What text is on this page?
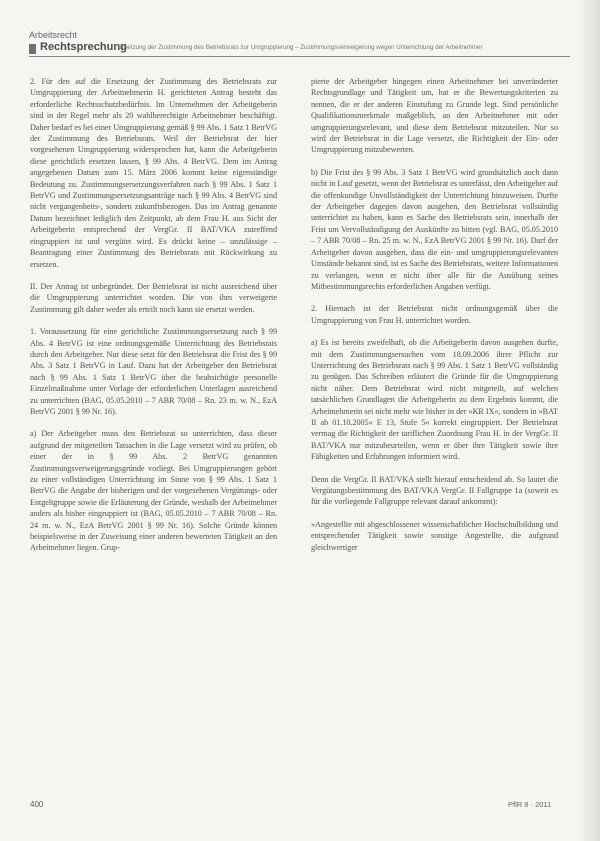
Arbeitsrecht
Rechtsprechung
Ersetzung der Zustimmung des Betriebsrats zur Umgruppierung – Zustimmungsverweigerung wegen Unterrichtung der Arbeitnehmer

2. Für den auf die Ersetzung der Zustimmung des Betriebsrats zur Umgruppierung der Arbeitnehmerin H. gerichteten Antrag besteht das erforderliche Rechtsschutzbedürfnis. Im Unternehmen der Arbeitgeberin sind in der Regel mehr als 20 wahlberechtigte Arbeitnehmer beschäftigt. Daher bedarf es bei einer Umgruppierung gemäß § 99 Abs. 1 Satz 1 BetrVG der Zustimmung des Betriebsrats. Weil der Betriebsrat der hier vorgesehenen Umgruppierung widersprochen hat, kann die Arbeitgeberin diese gerichtlich ersetzen lassen, § 99 Abs. 4 BetrVG. Dem im Antrag angegebenen Datum zum 15. März 2006 kommt keine eigenständige Bedeutung zu. Zustimmungsersetzungsverfahren nach § 99 Abs. 1 Satz 1 BetrVG und Zustimmungsersetzungsanträge nach § 99 Abs. 4 BetrVG sind nicht vergangenheits-, sondern zukunftsbezogen. Das im Antrag genannte Datum bezeichnet lediglich den Zeitpunkt, ab dem Frau H. aus Sicht der Arbeitgeberin entsprechend der VergGr. II BAT/VKA zutreffend eingruppiert ist und vergütet wird. Es drückt keine – unzulässige – Beantragung einer Zustimmung des Betriebsrats mit Rückwirkung zu ersetzen.

II. Der Antrag ist unbegründet. Der Betriebsrat ist nicht ausreichend über die Umgruppierung unterrichtet worden. Die von ihm verweigerte Zustimmung gilt daher weder als erteilt noch kann sie ersetzt werden.

1. Voraussetzung für eine gerichtliche Zustimmungsersetzung nach § 99 Abs. 4 BetrVG ist eine ordnungsgemäße Unterrichtung des Betriebsrats durch den Arbeitgeber. Nur diese setzt für den Betriebsrat die Frist des § 99 Abs. 3 Satz 1 BetrVG in Lauf. Dazu hat der Arbeitgeber den Betriebsrat nach § 99 Abs. 1 Satz 1 BetrVG über die beabsichtigte personelle Einzelmaßnahme unter Vorlage der erforderlichen Unterlagen ausreichend zu unterrichten (BAG, 05.05.2010 – 7 ABR 70/08 – Rn. 23 m. w. N., EzA BetrVG 2001 § 99 Nr. 16).

a) Der Arbeitgeber muss den Betriebsrat so unterrichten, dass dieser aufgrund der mitgeteilten Tatsachen in die Lage versetzt wird zu prüfen, ob einer der in § 99 Abs. 2 BetrVG genannten Zustimmungsverweigerungsgründe vorliegt. Bei Umgruppierungen gehört zu einer vollständigen Unterrichtung im Sinne von § 99 Abs. 1 Satz 1 BetrVG die Angabe der bisherigen und der vorgesehenen Vergütungs- oder Entgeltgruppe sowie die Erläuterung der Gründe, weshalb der Arbeitnehmer anders als bisher eingruppiert ist (BAG, 05.05.2010 – 7 ABR 70/08 – Rn. 24 m. w. N., EzA BetrVG 2001 § 99 Nr. 16). Solche Gründe können beispielsweise in der Zuweisung einer anderen bewerteten Tätigkeit an den Arbeitnehmer liegen. Grup-

pierte der Arbeitgeber hingegen einen Arbeitnehmer bei unveränderter Rechtsgrundlage und Tätigkeit um, hat er die Bewertungskriterien zu nennen, die er der anderen Einstufung zu Grunde legt. Sind persönliche Qualifikationsmerkmale maßgeblich, an den Arbeitnehmer mit oder umgruppierungsrelevant, und diese dem Betriebsrat mitzuteilen. Nur so wird der Betriebsrat in die Lage versetzt, die Richtigkeit der Ein- oder Umgruppierung mitzubewerten.

b) Die Frist des § 99 Abs. 3 Satz 1 BetrVG wird grundsätzlich auch dann nicht in Lauf gesetzt, wenn der Betriebsrat es unterlässt, den Arbeitgeber auf die offenkundige Unvollständigkeit der Unterrichtung hinzuweisen. Durfte der Arbeitgeber dagegen davon ausgehen, den Betriebsrat vollständig unterrichtet zu haben, kann es Sache des Betriebsrats sein, innerhalb der Frist um Vervollständigung der Auskünfte zu bitten (vgl. BAG, 05.05.2010 – 7 ABR 70/08 – Rn. 25 m. w. N., EzA BetrVG 2001 § 99 Nr. 16). Darf der Arbeitgeber davon ausgehen, dass die ein- und umgruppierungsrelevanten Umstände bekannt sind, ist es Sache des Betriebsrats, weitere Informationen zu verlangen, wenn er nicht über alle für die Ausübung seines Mitbestimmungsrechts erforderlichen Angaben verfügt.

2. Hiernach ist der Betriebsrat nicht ordnungsgemäß über die Umgruppierung von Frau H. unterrichtet worden.

a) Es ist bereits zweifelhaft, ob die Arbeitgeberin davon ausgehen durfte, mit dem Zustimmungsersuchen vom 18.09.2006 ihrer Pflicht zur Unterrichtung des Betriebsrats nach § 99 Abs. 1 Satz 1 BetrVG vollständig zu genügen. Das Schreiben erläutert die Gründe für die Umgruppierung nicht näher. Dem Betriebsrat wird nicht mitgeteilt, auf welchen tatsächlichen Grundlagen die Arbeitgeberin zu dem Ergebnis kommt, die Arbeitnehmerin sei nicht mehr wie bisher in der »KR IX«, sondern in »BAT II ab 01.10.2005« E 13, Stufe 5« korrekt eingruppiert. Der Betriebsrat vermag die Richtigkeit der tariflichen Zuordnung Frau H. in der VergGr. II BAT/VKA nur mitzubeurteilen, wenn er über ihre Tätigkeit sowie ihre Fähigkeiten und Erfahrungen informiert wird.

Denn die VergGr. II BAT/VKA stellt hierauf entscheidend ab. So lautet die Vergütungsbestimmung des BAT/VKA VergGr. II Fallgruppe 1a (soweit es für die vorliegende Fallgruppe relevant darauf ankommt):

»Angestellte mit abgeschlossener wissenschaftlicher Hochschulbildung und entsprechender Tätigkeit sowie sonstige Angestellte, die aufgrund gleichwertiger

400	PflR 8 · 2011
